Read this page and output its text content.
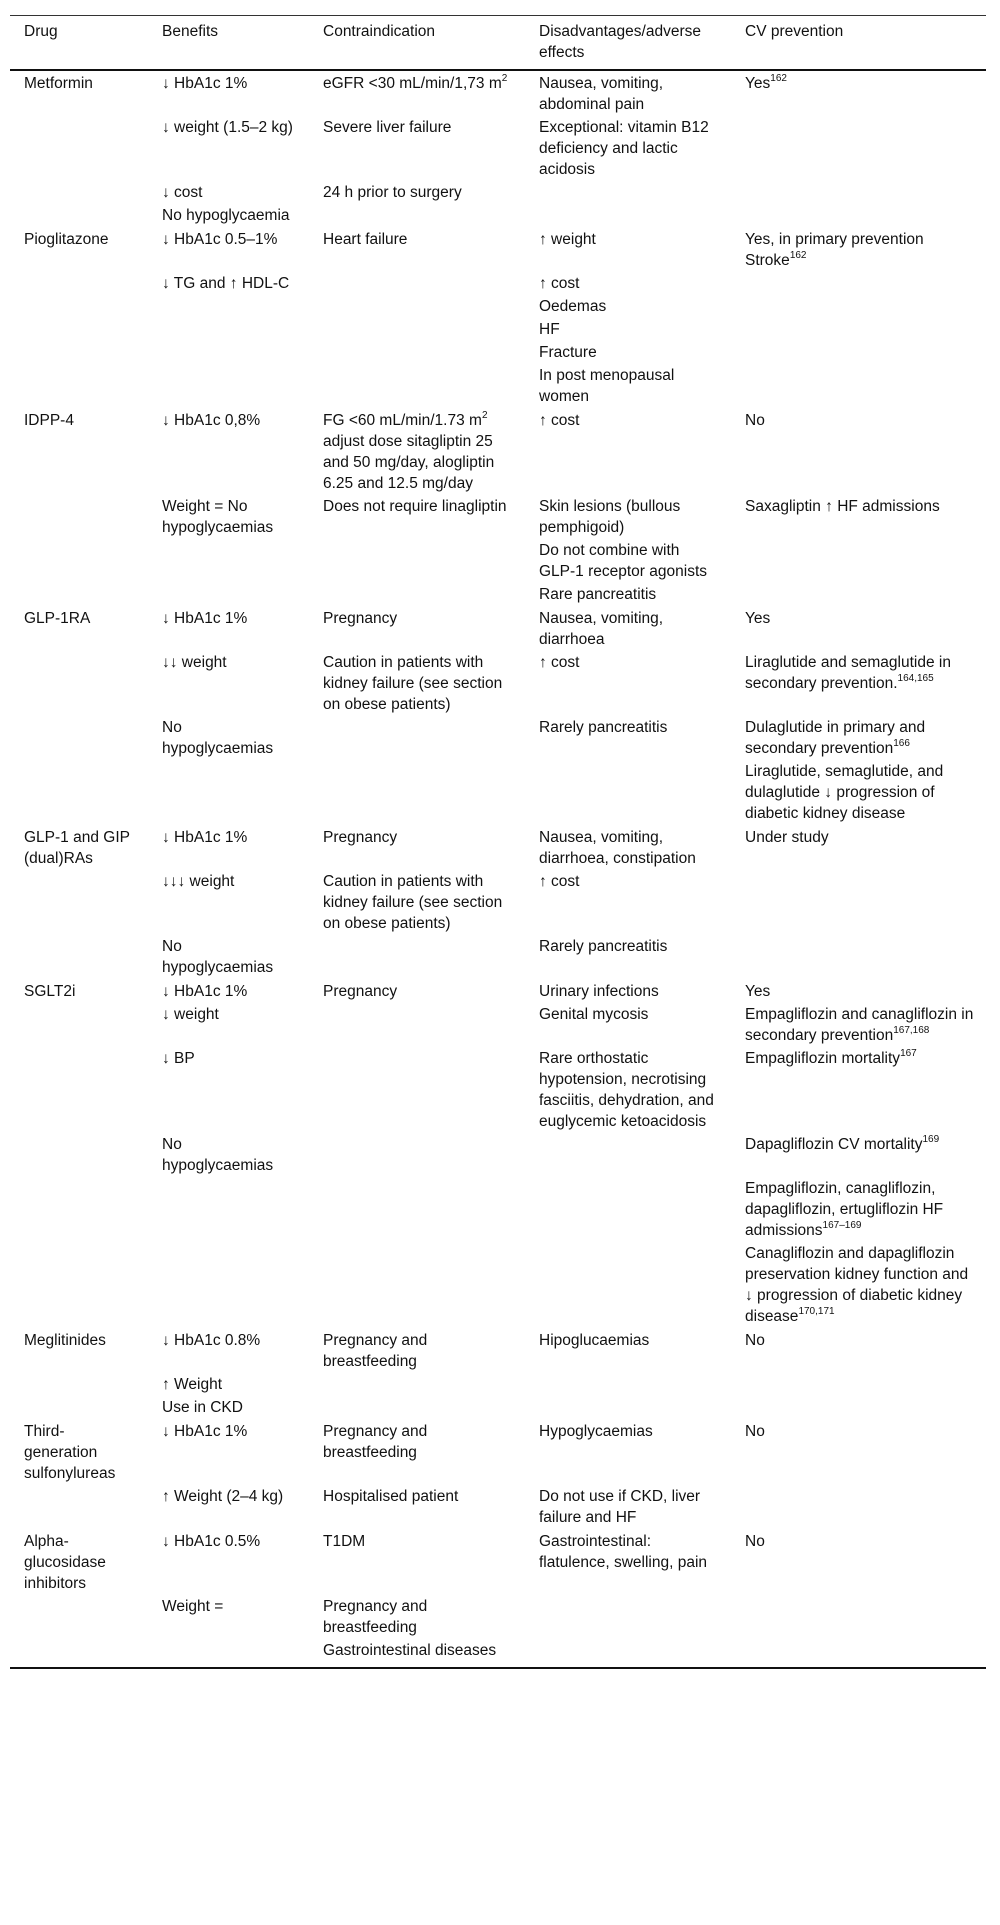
Drug	Benefits	Contraindication	Disadvantages/adverse effects	CV prevention
Metformin	↓ HbA1c 1%	eGFR <30 mL/min/1,73 $m^2$	Nausea, vomiting, abdominal pain	Yes$^{162}$
	↓ weight (1.5–2 kg)	Severe liver failure	Exceptional: vitamin B12 deficiency and lactic acidosis	
	↓ cost	24 h prior to surgery		
	No hypoglycaemia			
Pioglitazone	↓ HbA1c 0.5–1%	Heart failure	↑ weight	Yes, in primary prevention Stroke$^{162}$
	↓ TG and ↑ HDL-C		↑ cost	
			Oedemas	
			HF	
			Fracture	
			In post menopausal women	
IDPP-4	↓ HbA1c 0,8%	FG <60 mL/min/1.73 $m^2$ adjust dose sitagliptin 25 and 50 mg/day, alogliptin 6.25 and 12.5 mg/day	↑ cost	No
	Weight = No hypoglycaemias	Does not require linagliptin	Skin lesions (bullous pemphigoid)	Saxagliptin ↑ HF admissions
			Do not combine with GLP-1 receptor agonists	
			Rare pancreatitis	
GLP-1RA	↓ HbA1c 1%	Pregnancy	Nausea, vomiting, diarrhoea	Yes
	↓↓ weight	Caution in patients with kidney failure (see section on obese patients)	↑ cost	Liraglutide and semaglutide in secondary prevention.$^{164,165}$
	No hypoglycaemias		Rarely pancreatitis	Dulaglutide in primary and secondary prevention$^{166}$
				Liraglutide, semaglutide, and dulaglutide ↓ progression of diabetic kidney disease
GLP-1 and GIP (dual)RAs	↓ HbA1c 1%	Pregnancy	Nausea, vomiting, diarrhoea, constipation	Under study
	↓↓↓ weight	Caution in patients with kidney failure (see section on obese patients)	↑ cost	
	No hypoglycaemias		Rarely pancreatitis	
SGLT2i	↓ HbA1c 1%	Pregnancy	Urinary infections	Yes
	↓ weight		Genital mycosis	Empagliflozin and canagliflozin in secondary prevention$^{167,168}$
	↓ BP		Rare orthostatic hypotension, necrotising fasciitis, dehydration, and euglycemic ketoacidosis	Empagliflozin mortality$^{167}$
	No hypoglycaemias			Dapagliflozin CV mortality$^{169}$
				Empagliflozin, canagliflozin, dapagliflozin, ertugliflozin HF admissions$^{167-169}$
				Canagliflozin and dapagliflozin preservation kidney function and ↓ progression of diabetic kidney disease$^{170,171}$
Meglitinides	↓ HbA1c 0.8%	Pregnancy and breastfeeding	Hipoglucaemias	No
	↑ Weight			
	Use in CKD			
Third-generation sulfonylureas	↓ HbA1c 1%	Pregnancy and breastfeeding	Hypoglycaemias	No
	↑ Weight (2–4 kg)	Hospitalised patient	Do not use if CKD, liver failure and HF	
Alpha-glucosidase inhibitors	↓ HbA1c 0.5%	T1DM	Gastrointestinal: flatulence, swelling, pain	No
	Weight =	Pregnancy and breastfeeding		
		Gastrointestinal diseases		
